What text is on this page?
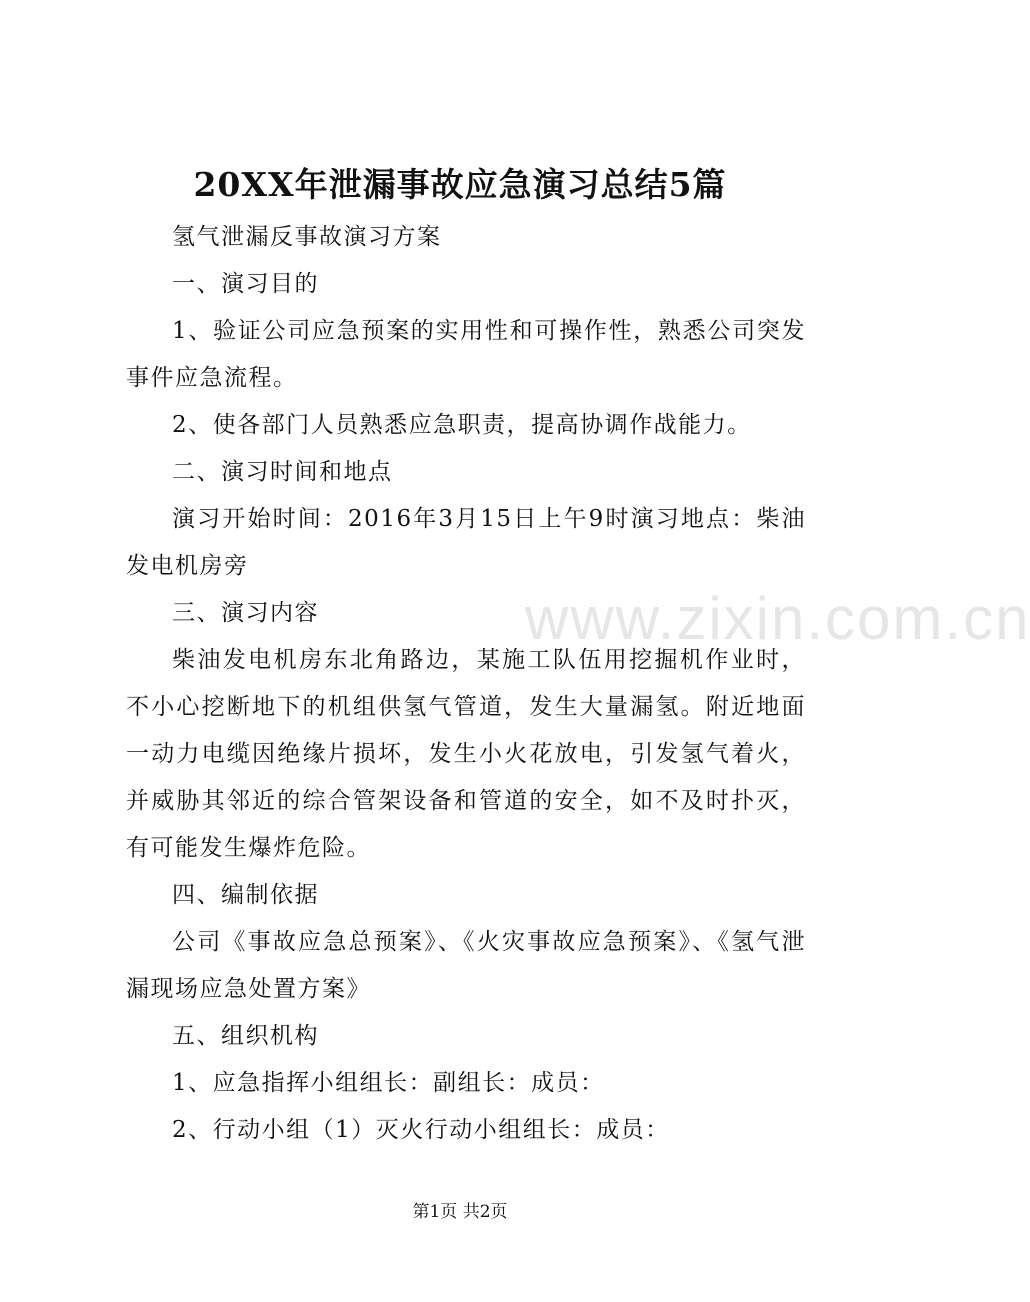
www.zixin.com.cn
20XX年泄漏事故应急演习总结5篇

氢气泄漏反事故演习方案

一、演习目的

1、验证公司应急预案的实用性和可操作性，熟悉公司突发事件应急流程。

2、使各部门人员熟悉应急职责，提高协调作战能力。

二、演习时间和地点

演习开始时间：2016年3月15日上午9时演习地点：柴油发电机房旁

三、演习内容

柴油发电机房东北角路边，某施工队伍用挖掘机作业时，不小心挖断地下的机组供氢气管道，发生大量漏氢。附近地面一动力电缆因绝缘片损坏，发生小火花放电，引发氢气着火，并威胁其邻近的综合管架设备和管道的安全，如不及时扑灭，有可能发生爆炸危险。

四、编制依据

公司《事故应急总预案》、《火灾事故应急预案》、《氢气泄漏现场应急处置方案》

五、组织机构

1、应急指挥小组组长：副组长：成员：

2、行动小组（1）灭火行动小组组长：成员：

第1页 共2页
